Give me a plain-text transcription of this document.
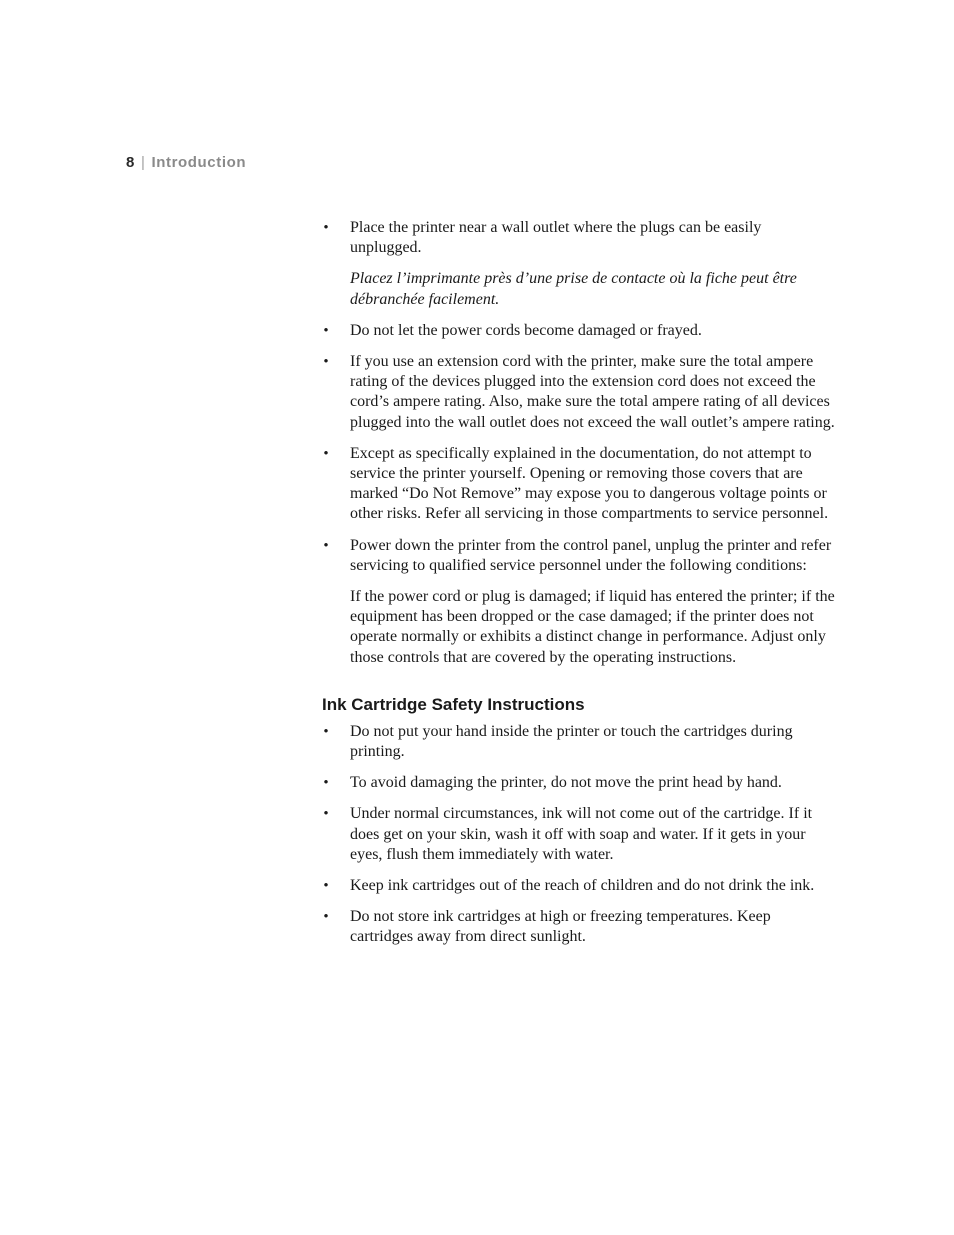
8 | Introduction
• Place the printer near a wall outlet where the plugs can be easily unplugged.

Placez l’imprimante près d’une prise de contacte où la fiche peut être débranchée facilement.

• Do not let the power cords become damaged or frayed.

• If you use an extension cord with the printer, make sure the total ampere rating of the devices plugged into the extension cord does not exceed the cord’s ampere rating. Also, make sure the total ampere rating of all devices plugged into the wall outlet does not exceed the wall outlet’s ampere rating.

• Except as specifically explained in the documentation, do not attempt to service the printer yourself. Opening or removing those covers that are marked “Do Not Remove” may expose you to dangerous voltage points or other risks. Refer all servicing in those compartments to service personnel.

• Power down the printer from the control panel, unplug the printer and refer servicing to qualified service personnel under the following conditions:

If the power cord or plug is damaged; if liquid has entered the printer; if the equipment has been dropped or the case damaged; if the printer does not operate normally or exhibits a distinct change in performance. Adjust only those controls that are covered by the operating instructions.

Ink Cartridge Safety Instructions
• Do not put your hand inside the printer or touch the cartridges during printing.

• To avoid damaging the printer, do not move the print head by hand.

• Under normal circumstances, ink will not come out of the cartridge. If it does get on your skin, wash it off with soap and water. If it gets in your eyes, flush them immediately with water.

• Keep ink cartridges out of the reach of children and do not drink the ink.

• Do not store ink cartridges at high or freezing temperatures. Keep cartridges away from direct sunlight.
